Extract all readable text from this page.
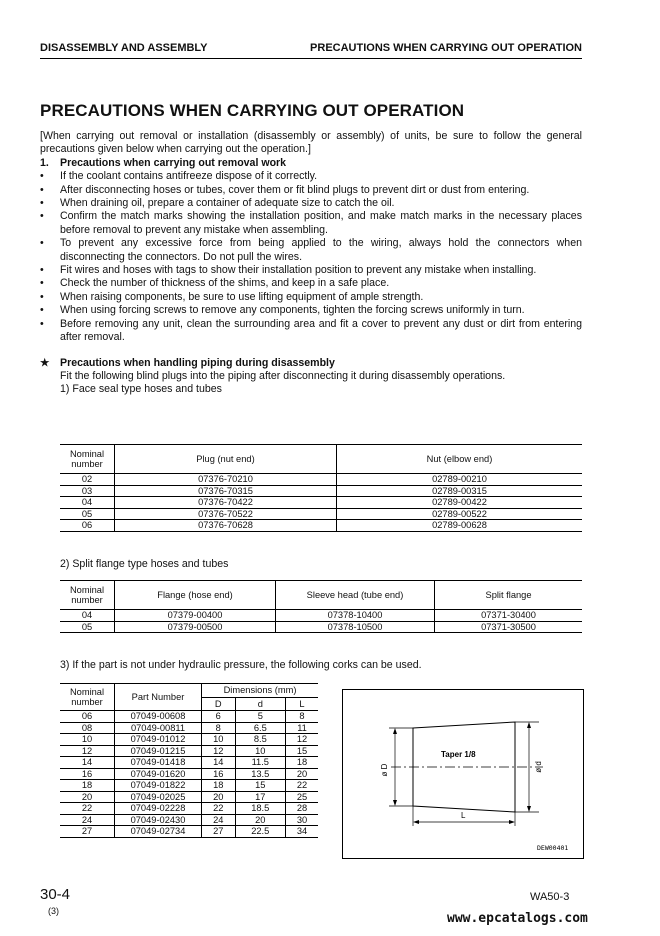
DISASSEMBLY AND ASSEMBLY	PRECAUTIONS WHEN CARRYING OUT OPERATION
PRECAUTIONS WHEN CARRYING OUT OPERATION

[When carrying out removal or installation (disassembly or assembly) of units, be sure to follow the general precautions given below when carrying out the operation.]

1.	Precautions when carrying out removal work
• If the coolant contains antifreeze dispose of it correctly.
• After disconnecting hoses or tubes, cover them or fit blind plugs to prevent dirt or dust from entering.
• When draining oil, prepare a container of adequate size to catch the oil.
• Confirm the match marks showing the installation position, and make match marks in the necessary places before removal to prevent any mistake when assembling.
• To prevent any excessive force from being applied to the wiring, always hold the connectors when disconnecting the connectors. Do not pull the wires.
• Fit wires and hoses with tags to show their installation position to prevent any mistake when installing.
• Check the number of thickness of the shims, and keep in a safe place.
• When raising components, be sure to use lifting equipment of ample strength.
• When using forcing screws to remove any components, tighten the forcing screws uniformly in turn.
• Before removing any unit, clean the surrounding area and fit a cover to prevent any dust or dirt from entering after removal.
★ Precautions when handling piping during disassembly
Fit the following blind plugs into the piping after disconnecting it during disassembly operations.
1) Face seal type hoses and tubes
Nominal number	Plug (nut end)	Nut (elbow end)
02	07376-70210	02789-00210
03	07376-70315	02789-00315
04	07376-70422	02789-00422
05	07376-70522	02789-00522
06	07376-70628	02789-00628
2) Split flange type hoses and tubes
Nominal number	Flange (hose end)	Sleeve head (tube end)	Split flange
04	07379-00400	07378-10400	07371-30400
05	07379-00500	07378-10500	07371-30500
3) If the part is not under hydraulic pressure, the following corks can be used.
Nominal number	Part Number	Dimensions (mm)		
		D	d	L
06	07049-00608	6	5	8
08	07049-00811	8	6.5	11
10	07049-01012	10	8.5	12
12	07049-01215	12	10	15
14	07049-01418	14	11.5	18
16	07049-01620	16	13.5	20
18	07049-01822	18	15	22
20	07049-02025	20	17	25
22	07049-02228	22	18.5	28
24	07049-02430	24	20	30
27	07049-02734	27	22.5	34
Taper 1/8
ø D	ø d
L
DEW00401
30-4
(3)
WA50-3
www.epcatalogs.com
